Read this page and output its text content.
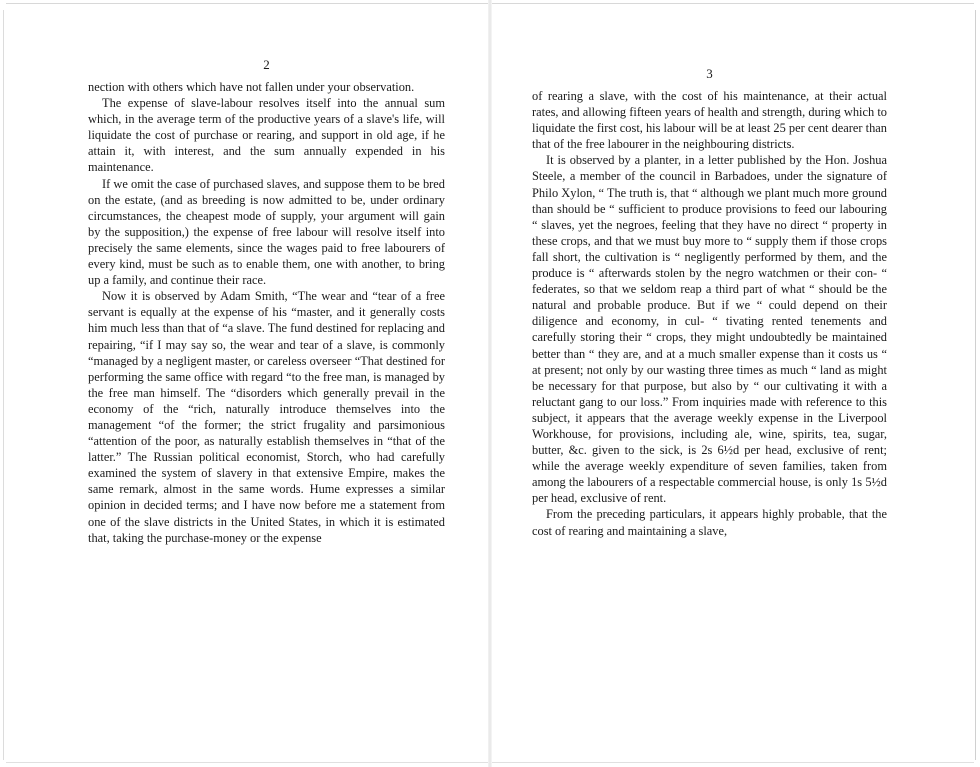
2

nection with others which have not fallen under your observation.

The expense of slave-labour resolves itself into the annual sum which, in the average term of the productive years of a slave's life, will liquidate the cost of purchase or rearing, and support in old age, if he attain it, with interest, and the sum annually expended in his maintenance.

If we omit the case of purchased slaves, and suppose them to be bred on the estate, (and as breeding is now admitted to be, under ordinary circumstances, the cheapest mode of supply, your argument will gain by the supposition,) the expense of free labour will resolve itself into precisely the same elements, since the wages paid to free labourers of every kind, must be such as to enable them, one with another, to bring up a family, and continue their race.

Now it is observed by Adam Smith, “The wear and “tear of a free servant is equally at the expense of his “master, and it generally costs him much less than that of “a slave. The fund destined for replacing and repairing, “if I may say so, the wear and tear of a slave, is commonly “managed by a negligent master, or careless overseer “That destined for performing the same office with regard “to the free man, is managed by the free man himself. The “disorders which generally prevail in the economy of the “rich, naturally introduce themselves into the management “of the former; the strict frugality and parsimonious “attention of the poor, as naturally establish themselves in “that of the latter.” The Russian political economist, Storch, who had carefully examined the system of slavery in that extensive Empire, makes the same remark, almost in the same words. Hume expresses a similar opinion in decided terms; and I have now before me a statement from one of the slave districts in the United States, in which it is estimated that, taking the purchase-money or the expense

3

of rearing a slave, with the cost of his maintenance, at their actual rates, and allowing fifteen years of health and strength, during which to liquidate the first cost, his labour will be at least 25 per cent dearer than that of the free labourer in the neighbouring districts.

It is observed by a planter, in a letter published by the Hon. Joshua Steele, a member of the council in Barbadoes, under the signature of Philo Xylon, “ The truth is, that “ although we plant much more ground than should be “ sufficient to produce provisions to feed our labouring “ slaves, yet the negroes, feeling that they have no direct “ property in these crops, and that we must buy more to “ supply them if those crops fall short, the cultivation is “ negligently performed by them, and the produce is “ afterwards stolen by the negro watchmen or their con- “ federates, so that we seldom reap a third part of what “ should be the natural and probable produce. But if we “ could depend on their diligence and economy, in cul- “ tivating rented tenements and carefully storing their “ crops, they might undoubtedly be maintained better than “ they are, and at a much smaller expense than it costs us “ at present; not only by our wasting three times as much “ land as might be necessary for that purpose, but also by “ our cultivating it with a reluctant gang to our loss.” From inquiries made with reference to this subject, it appears that the average weekly expense in the Liverpool Workhouse, for provisions, including ale, wine, spirits, tea, sugar, butter, &c. given to the sick, is 2s 6½d per head, exclusive of rent; while the average weekly expenditure of seven families, taken from among the labourers of a respectable commercial house, is only 1s 5½d per head, exclusive of rent.

From the preceding particulars, it appears highly probable, that the cost of rearing and maintaining a slave,
